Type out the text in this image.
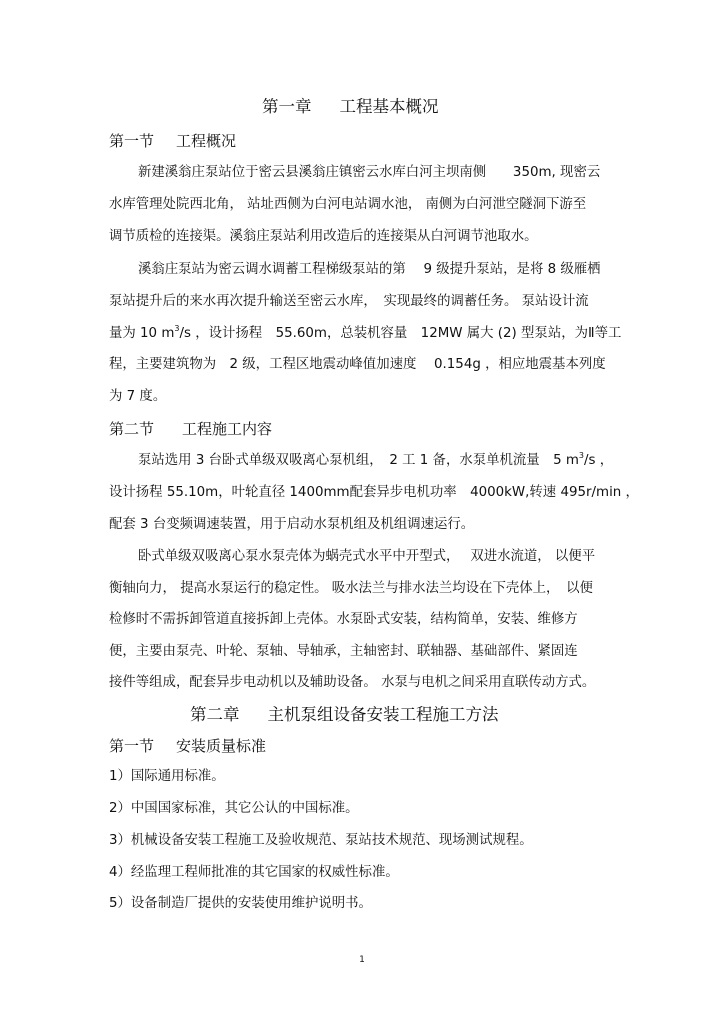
第一章 工程基本概况
第一节 工程概况

新建溪翁庄泵站位于密云县溪翁庄镇密云水库白河主坝南侧　　350m, 现密云

水库管理处院西北角， 站址西侧为白河电站调水池， 南侧为白河泄空隧洞下游至

调节质检的连接渠。溪翁庄泵站利用改造后的连接渠从白河调节池取水。

溪翁庄泵站为密云调水调蓄工程梯级泵站的第　 9 级提升泵站，是将 8 级雁栖

泵站提升后的来水再次提升输送至密云水库，　实现最终的调蓄任务。 泵站设计流

量为 10 $m^3/s$ ，设计扬程　55.60m，总装机容量　12MW 属大 (2) 型泵站，为Ⅱ等工

程，主要建筑物为　2 级，工程区地震动峰值加速度　 0.154g ，相应地震基本列度

为 7 度。

第二节 工程施工内容

泵站选用 3 台卧式单级双吸离心泵机组，　2 工 1 备，水泵单机流量　5 $m^3/s$ ，

设计扬程 55.10m，叶轮直径 1400mm配套异步电机功率　4000kW,转速 495r/min ，

配套 3 台变频调速装置，用于启动水泵机组及机组调速运行。

卧式单级双吸离心泵水泵壳体为蜗壳式水平中开型式，　 双进水流道， 以便平

衡轴向力， 提高水泵运行的稳定性。 吸水法兰与排水法兰均设在下壳体上，　以便

检修时不需拆卸管道直接拆卸上壳体。水泵卧式安装，结构简单，安装、维修方

便，主要由泵壳、叶轮、泵轴、导轴承，主轴密封、联轴器、基础部件、紧固连

接件等组成，配套异步电动机以及辅助设备。 水泵与电机之间采用直联传动方式。

第二章 主机泵组设备安装工程施工方法
第一节 安装质量标准

1）国际通用标准。

2）中国国家标准，其它公认的中国标准。

3）机械设备安装工程施工及验收规范、泵站技术规范、现场测试规程。

4）经监理工程师批准的其它国家的权威性标准。

5）设备制造厂提供的安装使用维护说明书。

1
